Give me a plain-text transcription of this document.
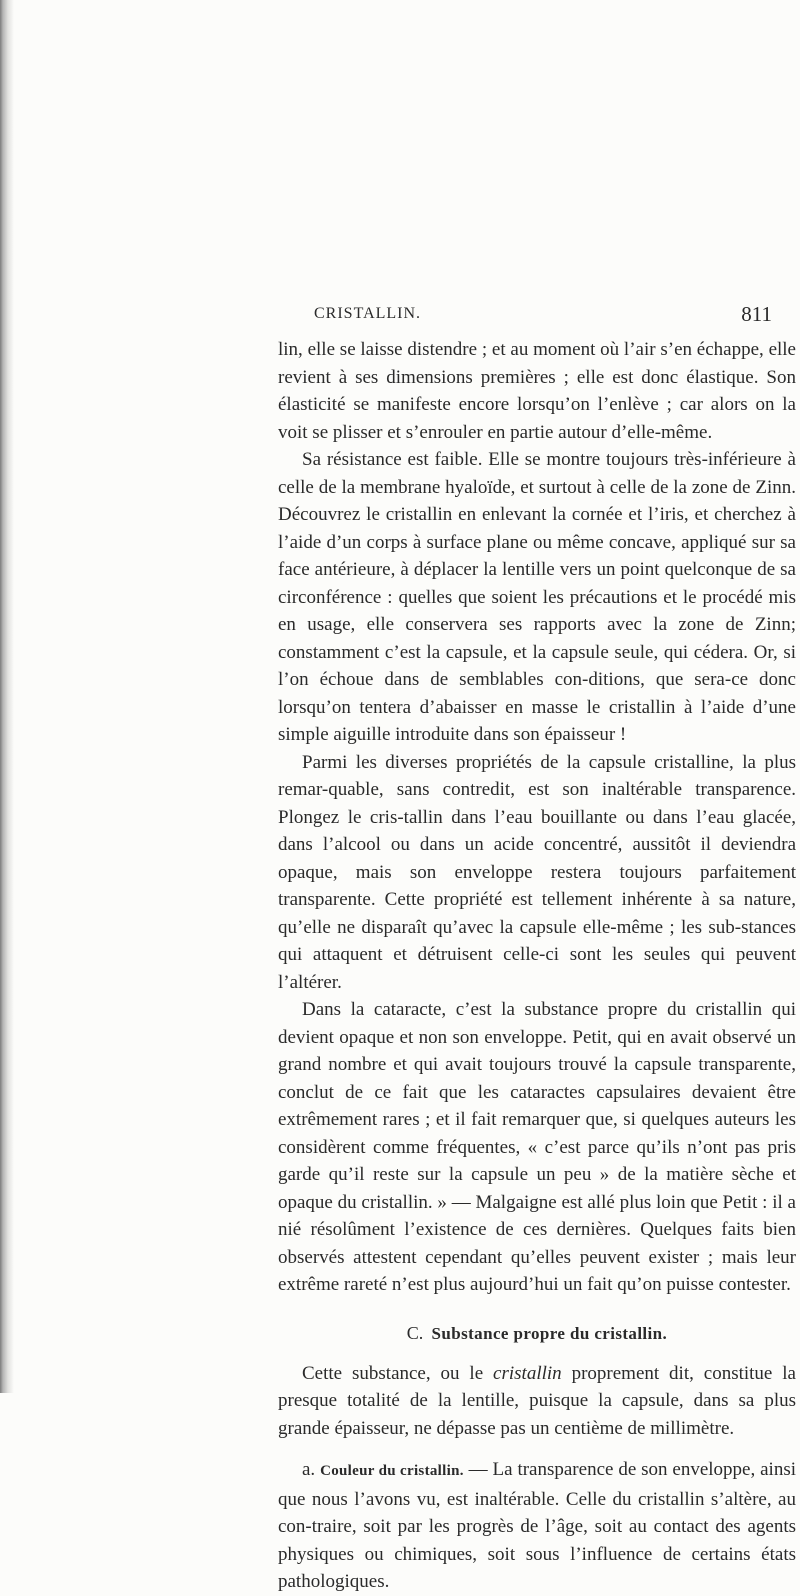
CRISTALLIN.	811

lin, elle se laisse distendre ; et au moment où l’air s’en échappe, elle revient à ses dimensions premières ; elle est donc élastique. Son élasticité se manifeste encore lorsqu’on l’enlève ; car alors on la voit se plisser et s’enrouler en partie autour d’elle-même.

Sa résistance est faible. Elle se montre toujours très-inférieure à celle de la membrane hyaloïde, et surtout à celle de la zone de Zinn. Découvrez le cristallin en enlevant la cornée et l’iris, et cherchez à l’aide d’un corps à surface plane ou même concave, appliqué sur sa face antérieure, à déplacer la lentille vers un point quelconque de sa circonférence : quelles que soient les précautions et le procédé mis en usage, elle conservera ses rapports avec la zone de Zinn; constamment c’est la capsule, et la capsule seule, qui cédera. Or, si l’on échoue dans de semblables con-ditions, que sera-ce donc lorsqu’on tentera d’abaisser en masse le cristallin à l’aide d’une simple aiguille introduite dans son épaisseur !

Parmi les diverses propriétés de la capsule cristalline, la plus remar-quable, sans contredit, est son inaltérable transparence. Plongez le cris-tallin dans l’eau bouillante ou dans l’eau glacée, dans l’alcool ou dans un acide concentré, aussitôt il deviendra opaque, mais son enveloppe restera toujours parfaitement transparente. Cette propriété est tellement inhérente à sa nature, qu’elle ne disparaît qu’avec la capsule elle-même ; les sub-stances qui attaquent et détruisent celle-ci sont les seules qui peuvent l’altérer.

Dans la cataracte, c’est la substance propre du cristallin qui devient opaque et non son enveloppe. Petit, qui en avait observé un grand nombre et qui avait toujours trouvé la capsule transparente, conclut de ce fait que les cataractes capsulaires devaient être extrêmement rares ; et il fait remarquer que, si quelques auteurs les considèrent comme fréquentes, « c’est parce qu’ils n’ont pas pris garde qu’il reste sur la capsule un peu » de la matière sèche et opaque du cristallin. » — Malgaigne est allé plus loin que Petit : il a nié résolûment l’existence de ces dernières. Quelques faits bien observés attestent cependant qu’elles peuvent exister ; mais leur extrême rareté n’est plus aujourd’hui un fait qu’on puisse contester.

C. Substance propre du cristallin.

Cette substance, ou le cristallin proprement dit, constitue la presque totalité de la lentille, puisque la capsule, dans sa plus grande épaisseur, ne dépasse pas un centième de millimètre.

a. Couleur du cristallin. — La transparence de son enveloppe, ainsi que nous l’avons vu, est inaltérable. Celle du cristallin s’altère, au con-traire, soit par les progrès de l’âge, soit au contact des agents physiques ou chimiques, soit sous l’influence de certains états pathologiques.
